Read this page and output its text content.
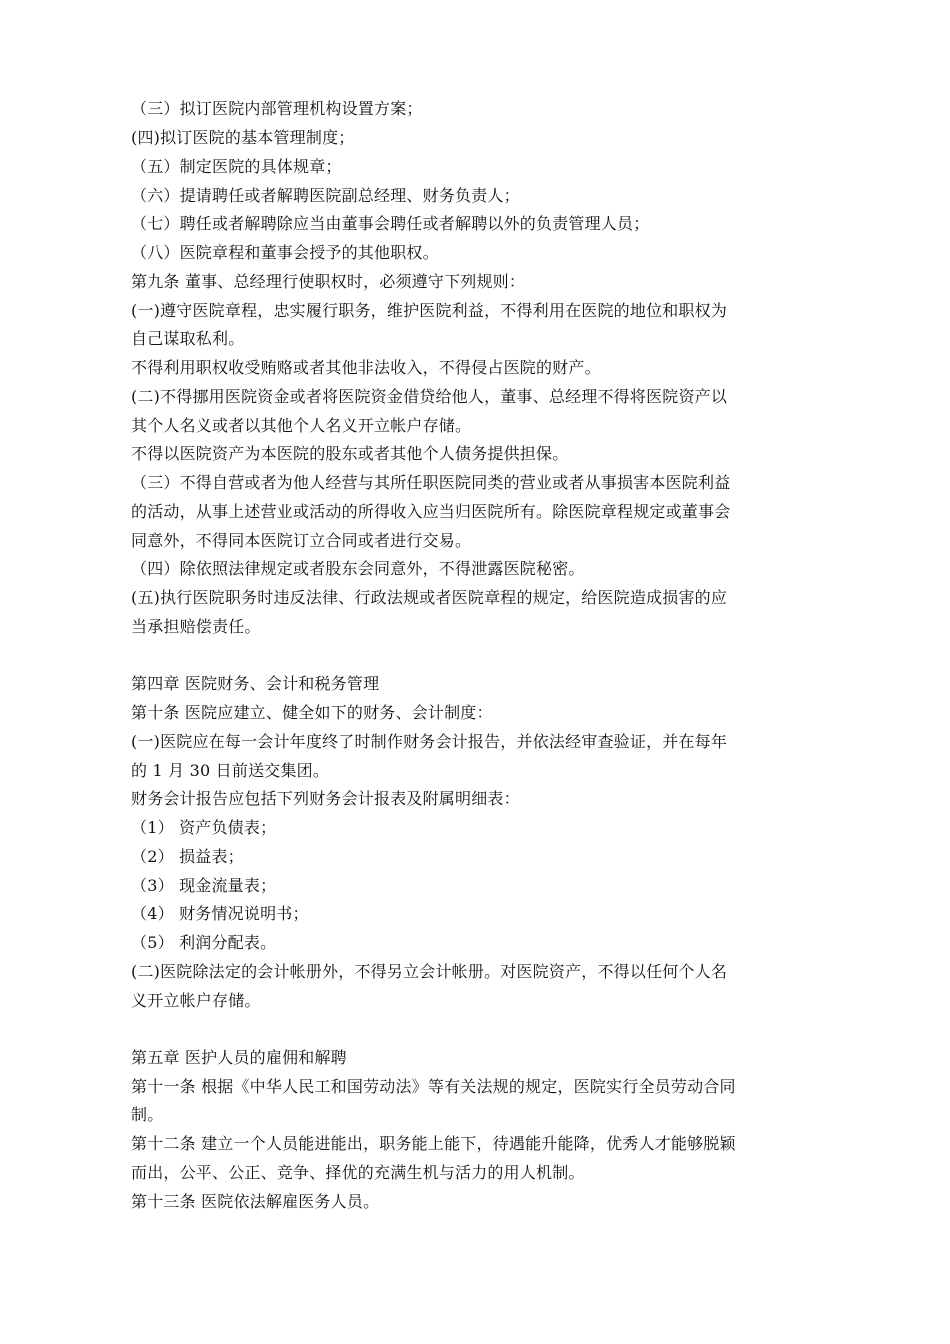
（三）拟订医院内部管理机构设置方案；
(四)拟订医院的基本管理制度；
（五）制定医院的具体规章；
（六）提请聘任或者解聘医院副总经理、财务负责人；
（七）聘任或者解聘除应当由董事会聘任或者解聘以外的负责管理人员；
（八）医院章程和董事会授予的其他职权。
第九条 董事、总经理行使职权时，必须遵守下列规则：
(一)遵守医院章程，忠实履行职务，维护医院利益，不得利用在医院的地位和职权为
自己谋取私利。
不得利用职权收受贿赂或者其他非法收入，不得侵占医院的财产。
(二)不得挪用医院资金或者将医院资金借贷给他人，董事、总经理不得将医院资产以
其个人名义或者以其他个人名义开立帐户存储。
不得以医院资产为本医院的股东或者其他个人债务提供担保。
（三）不得自营或者为他人经营与其所任职医院同类的营业或者从事损害本医院利益
的活动，从事上述营业或活动的所得收入应当归医院所有。除医院章程规定或董事会
同意外，不得同本医院订立合同或者进行交易。
（四）除依照法律规定或者股东会同意外，不得泄露医院秘密。
(五)执行医院职务时违反法律、行政法规或者医院章程的规定，给医院造成损害的应
当承担赔偿责任。
第四章 医院财务、会计和税务管理
第十条 医院应建立、健全如下的财务、会计制度：
(一)医院应在每一会计年度终了时制作财务会计报告，并依法经审查验证，并在每年
的 1 月 30 日前送交集团。
财务会计报告应包括下列财务会计报表及附属明细表：
（1） 资产负债表；
（2） 损益表；
（3） 现金流量表；
（4） 财务情况说明书；
（5） 利润分配表。
(二)医院除法定的会计帐册外，不得另立会计帐册。对医院资产，不得以任何个人名
义开立帐户存储。
第五章 医护人员的雇佣和解聘
第十一条 根据《中华人民工和国劳动法》等有关法规的规定，医院实行全员劳动合同
制。
第十二条 建立一个人员能进能出，职务能上能下，待遇能升能降，优秀人才能够脱颖
而出，公平、公正、竞争、择优的充满生机与活力的用人机制。
第十三条 医院依法解雇医务人员。
